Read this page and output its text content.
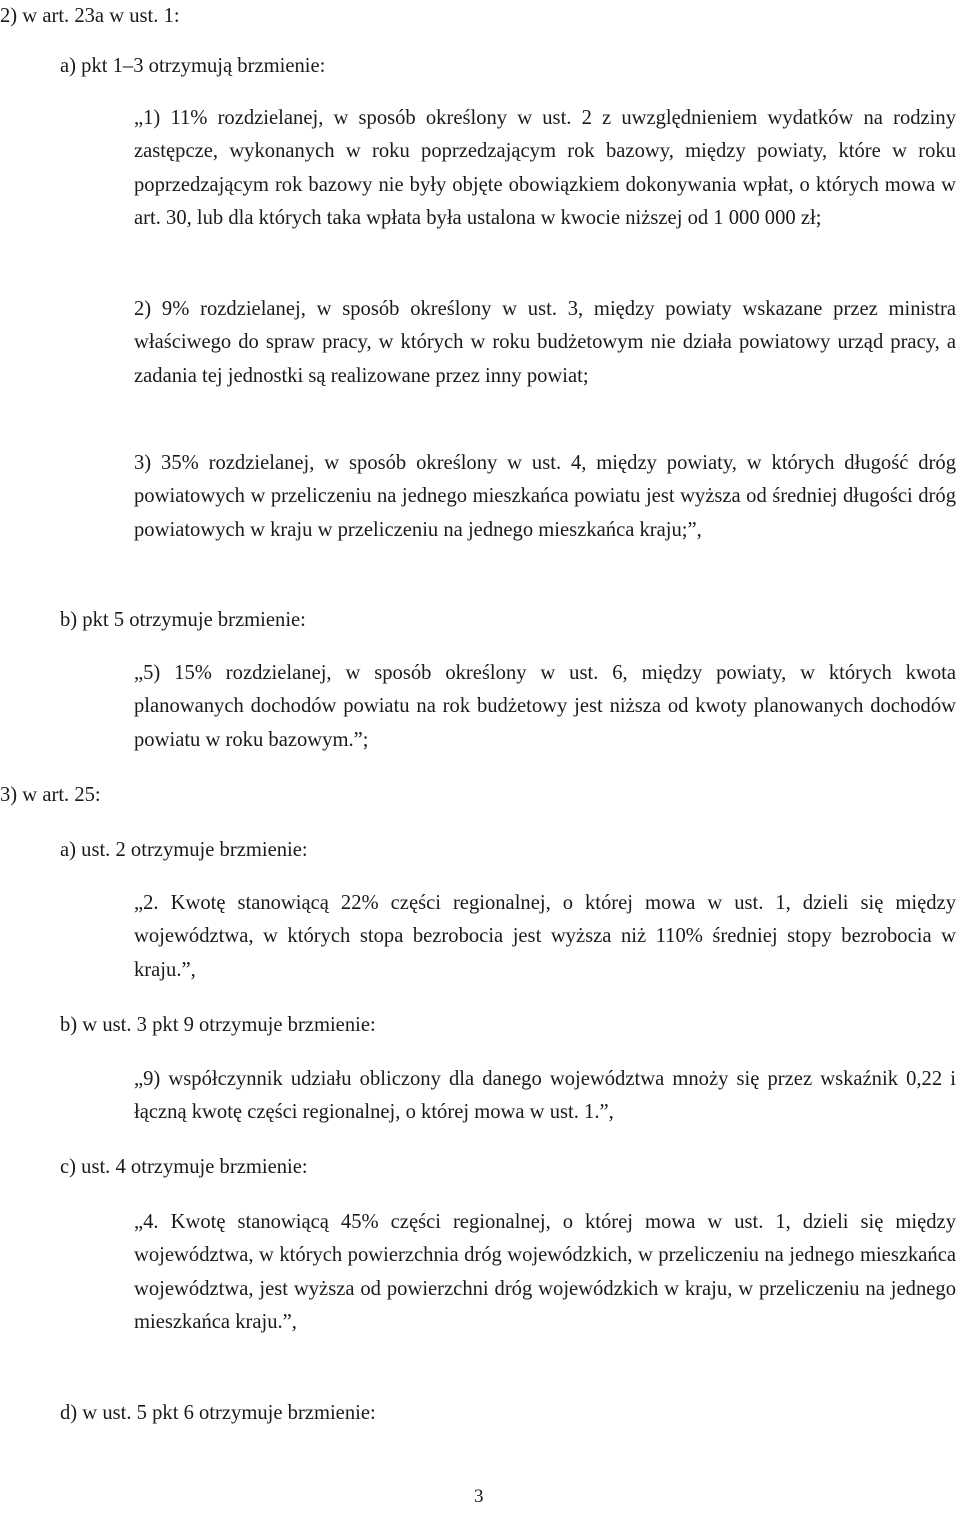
2) w art. 23a w ust. 1:

a) pkt 1–3 otrzymują brzmienie:

„1) 11% rozdzielanej, w sposób określony w ust. 2 z uwzględnieniem wydatków na rodziny zastępcze, wykonanych w roku poprzedzającym rok bazowy, między powiaty, które w roku poprzedzającym rok bazowy nie były objęte obowiązkiem dokonywania wpłat, o których mowa w art. 30, lub dla których taka wpłata była ustalona w kwocie niższej od 1 000 000 zł;

2) 9% rozdzielanej, w sposób określony w ust. 3, między powiaty wskazane przez ministra właściwego do spraw pracy, w których w roku budżetowym nie działa powiatowy urząd pracy, a zadania tej jednostki są realizowane przez inny powiat;

3) 35% rozdzielanej, w sposób określony w ust. 4, między powiaty, w których długość dróg powiatowych w przeliczeniu na jednego mieszkańca powiatu jest wyższa od średniej długości dróg powiatowych w kraju w przeliczeniu na jednego mieszkańca kraju;”,

b) pkt 5 otrzymuje brzmienie:

„5) 15% rozdzielanej, w sposób określony w ust. 6, między powiaty, w których kwota planowanych dochodów powiatu na rok budżetowy jest niższa od kwoty planowanych dochodów powiatu w roku bazowym.”;

3) w art. 25:

a) ust. 2 otrzymuje brzmienie:

„2. Kwotę stanowiącą 22% części regionalnej, o której mowa w ust. 1, dzieli się między województwa, w których stopa bezrobocia jest wyższa niż 110% średniej stopy bezrobocia w kraju.”,

b) w ust. 3 pkt 9 otrzymuje brzmienie:

„9) współczynnik udziału obliczony dla danego województwa mnoży się przez wskaźnik 0,22 i łączną kwotę części regionalnej, o której mowa w ust. 1.”,

c) ust. 4 otrzymuje brzmienie:

„4. Kwotę stanowiącą 45% części regionalnej, o której mowa w ust. 1, dzieli się między województwa, w których powierzchnia dróg wojewódzkich, w przeliczeniu na jednego mieszkańca województwa, jest wyższa od powierzchni dróg wojewódzkich w kraju, w przeliczeniu na jednego mieszkańca kraju.”,

d) w ust. 5 pkt 6 otrzymuje brzmienie:

3
